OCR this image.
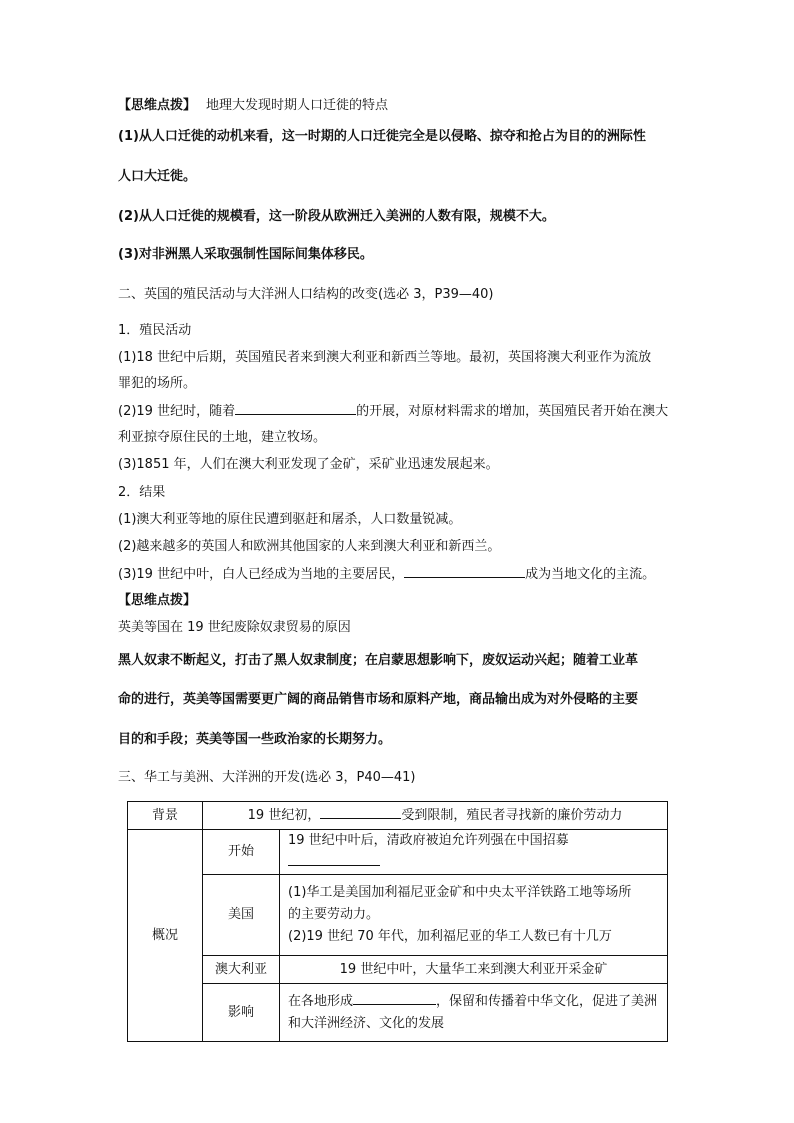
【思维点拨】 地理大发现时期人口迁徙的特点
(1)从人口迁徙的动机来看，这一时期的人口迁徙完全是以侵略、掠夺和抢占为目的的洲际性
人口大迁徙。
(2)从人口迁徙的规模看，这一阶段从欧洲迁入美洲的人数有限，规模不大。
(3)对非洲黑人采取强制性国际间集体移民。
二、英国的殖民活动与大洋洲人口结构的改变(选必 3，P39—40)
1．殖民活动
(1)18 世纪中后期，英国殖民者来到澳大利亚和新西兰等地。最初，英国将澳大利亚作为流放
罪犯的场所。
(2)19 世纪时，随着	的开展，对原材料需求的增加，英国殖民者开始在澳大
利亚掠夺原住民的土地，建立牧场。
(3)1851 年，人们在澳大利亚发现了金矿，采矿业迅速发展起来。
2．结果
(1)澳大利亚等地的原住民遭到驱赶和屠杀，人口数量锐减。
(2)越来越多的英国人和欧洲其他国家的人来到澳大利亚和新西兰。
(3)19 世纪中叶，白人已经成为当地的主要居民，	成为当地文化的主流。
【思维点拨】
英美等国在 19 世纪废除奴隶贸易的原因
黑人奴隶不断起义，打击了黑人奴隶制度；在启蒙思想影响下，废奴运动兴起；随着工业革
命的进行，英美等国需要更广阔的商品销售市场和原料产地，商品输出成为对外侵略的主要
目的和手段；英美等国一些政治家的长期努力。
三、华工与美洲、大洋洲的开发(选必 3，P40—41)
背景	19 世纪初， 受到限制，殖民者寻找新的廉价劳动力	
概况	开始	19 世纪中叶后，清政府被迫允许列强在中国招募
	美国	(1)华工是美国加利福尼亚金矿和中央太平洋铁路工地等场所
的主要劳动力。
(2)19 世纪 70 年代，加利福尼亚的华工人数已有十几万

	澳大利亚	19 世纪中叶，大量华工来到澳大利亚开采金矿
	影响	在各地形成 ，保留和传播着中华文化，促进了美洲
和大洋洲经济、文化的发展
